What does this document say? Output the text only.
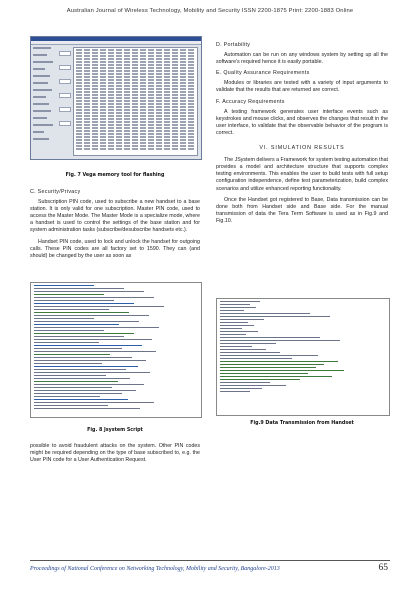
Australian Journal of Wireless Technology, Mobility and Security ISSN 2200-1875 Print: 2200-1883 Online
Fig. 7 Vega memory tool for flashing

C. Security/Privacy

Subscription PIN code, used to subscribe a new handset to a base station. It is only valid for one subscription. Master PIN code, used to access the Master Mode. The Master Mode is a specialize mode, where a handset is used to control the settings of the base station and for system administration tasks (subscribe/desubscribe handsets etc.).

Handset PIN code, used to lock and unlock the handset for outgoing calls. These PIN codes are all factory set to 1590. They can (and should) be changed by the user as soon as

Fig. 8 Jsystem Script

possible to avoid fraudulent attacks on the system. Other PIN codes might be required depending on the type of base subscribed to, e.g. the User PIN code for a User Authentication Request.

D. Portability

Automation can be run on any windows system by setting up all the software's required hence it is easily portable.

E. Quality Assurance Requirements

Modules or libraries are tested with a variety of input arguments to validate that the results that are returned are correct.

F. Accuracy Requirements

A testing framework generates user interface events such as keystrokes and mouse clicks, and observes the changes that result in the user interface, to validate that the observable behavior of the program is correct.

VI. SIMULATION RESULTS

The JSystem delivers a Framework for system testing automation that provides a model and architecture structure that supports complex testing environments. This enables the user to build tests with full setup configuration independence, define test parameterization, build complex scenarios and utilize enhanced reporting functionality.

Once the Handset got registered to Base, Data transmission can be done both from Handset side and Base side. For the manual transmission of data the Tera Term Software is used as in Fig.9 and Fig.10.

Fig.9 Data Transmission from Handset
Proceedings of National Conference on Networking Technology, Mobility and Security, Bangalore-2013	65
